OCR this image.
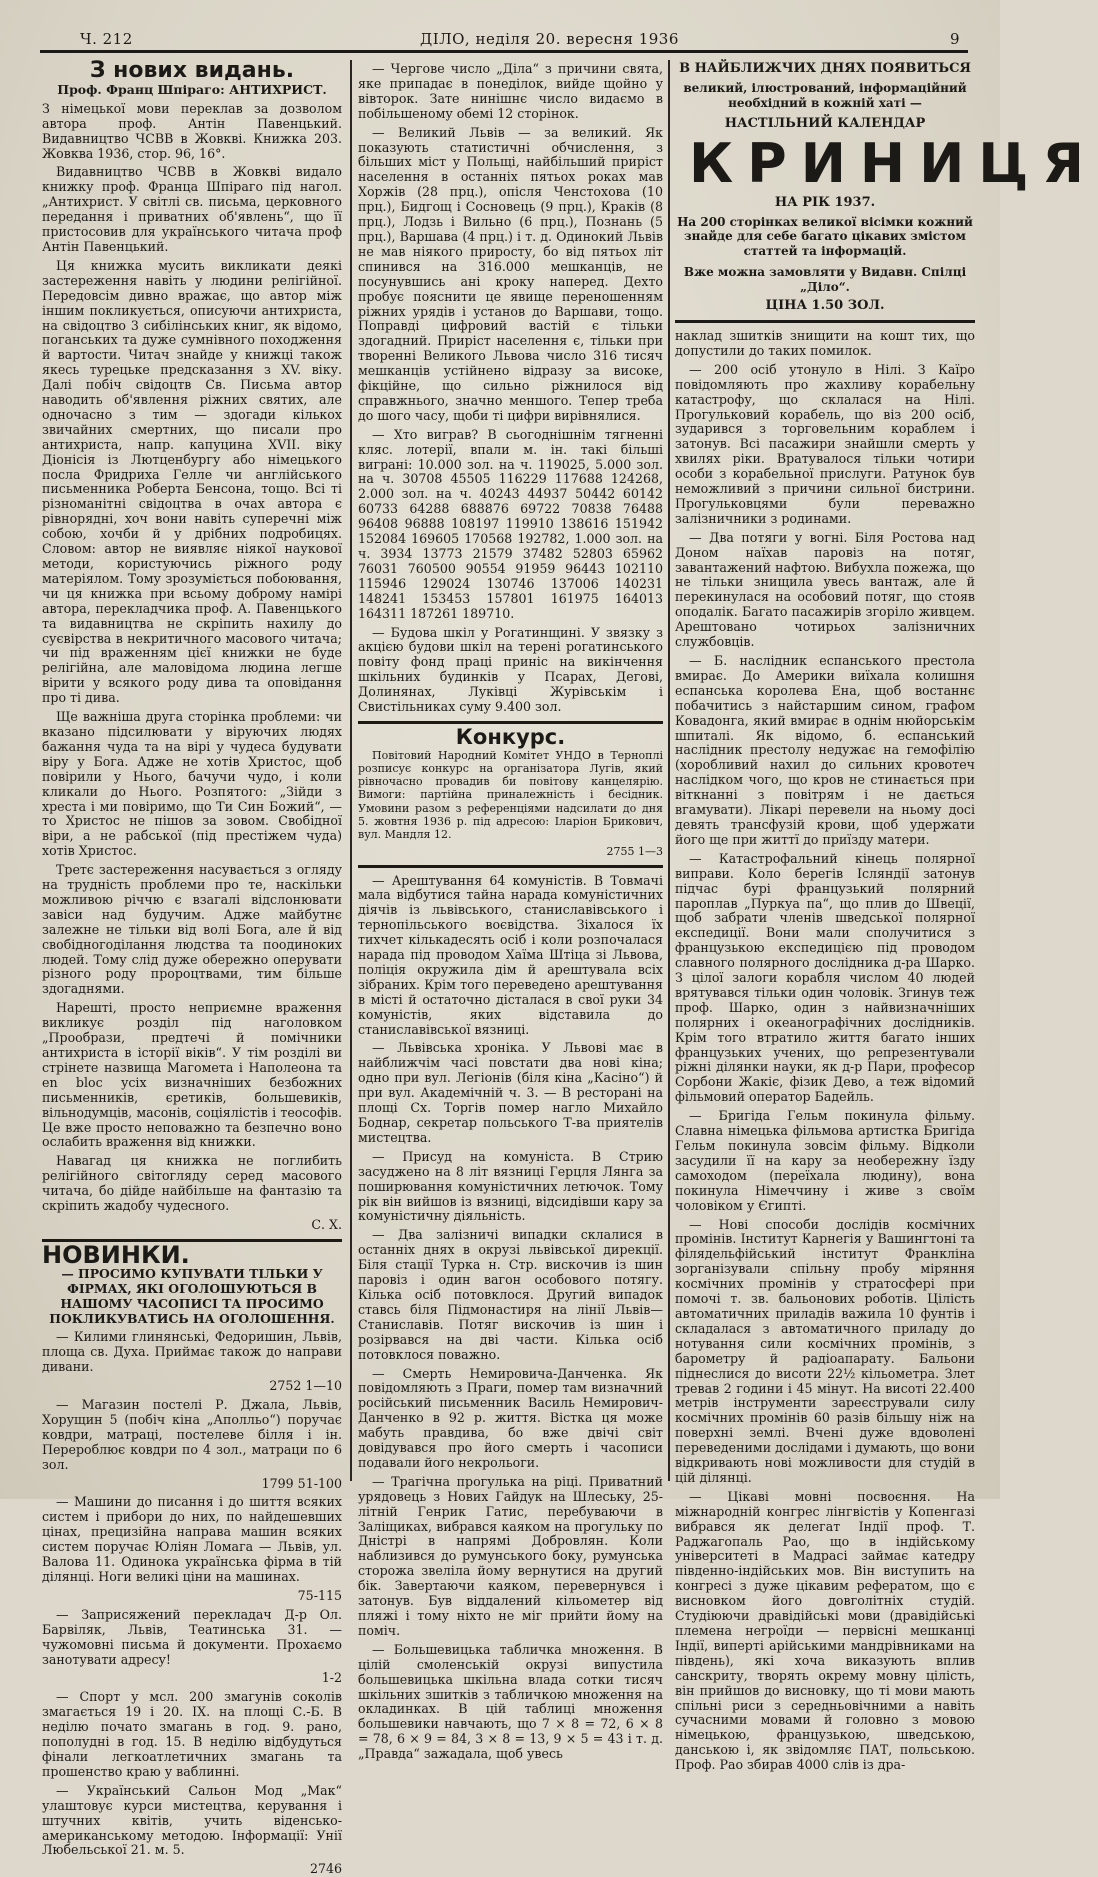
Ч. 212	ДІЛО, неділя 20. вересня 1936	9
З нових видань.

Проф. Франц Шпіраго: АНТИХРИСТ.

З німецької мови переклав за дозволом автора проф. Антін Павенцький. Видавництво ЧСВВ в Жовкві. Книжка 203. Жовква 1936, стор. 96, 16°.

Видавництво ЧСВВ в Жовкві видало книжку проф. Франца Шпіраго під нагол. „Антихрист. У світлі св. письма, церковного передання і приватних об'явлень“, що її пристосовив для українського читача проф Антін Павенцький.

Ця книжка мусить викликати деякі застереження навіть у людини релігійної. Передовсім дивно вражає, що автор між іншим покликується, описуючи антихриста, на свідоцтво 3 сибілінських книг, як відомо, поганських та дуже сумнівного походження й вартости. Читач знайде у книжці також якесь турецьке предсказання з XV. віку. Далі побіч свідоцтв Св. Письма автор наводить об'явлення ріжних святих, але одночасно з тим — здогади кількох звичайних смертних, що писали про антихриста, напр. капуцина XVII. віку Діонісія із Лютценбургу або німецького посла Фридриха Гелле чи англійського письменника Роберта Бенсона, тощо. Всі ті різноманітні свідоцтва в очах автора є рівнорядні, хоч вони навіть суперечні між собою, хочби й у дрібних подробицях. Словом: автор не виявляє ніякої наукової методи, користуючись ріжного роду матеріялом. Тому зрозуміється побоювання, чи ця книжка при всьому доброму намірі автора, перекладчика проф. А. Павенцького та видавництва не скріпить нахилу до суєвірства в некритичного масового читача; чи під враженням цієї книжки не буде релігійна, але маловідома людина легше вірити у всякого роду дива та оповідання про ті дива.

Ще важніша друга сторінка проблеми: чи вказано підсилювати у віруючих людях бажання чуда та на вірі у чудеса будувати віру у Бога. Адже не хотів Христос, щоб повірили у Нього, бачучи чудо, і коли кликали до Нього. Розпятого: „Зійди з хреста і ми повіримо, що Ти Син Божий“, — то Христос не пішов за зовом. Свобідної віри, а не рабської (під престіжем чуда) хотів Христос.

Третє застереження насувається з огляду на трудність проблеми про те, наскільки можливою річчю є взагалі відслонювати завіси над будучим. Адже майбутнє залежне не тільки від волі Бога, але й від свобідногоділання людства та поодиноких людей. Тому слід дуже обережно оперувати різного роду пророцтвами, тим більше здогаднями.

Нарешті, просто неприємне враження викликує розділ під наголовком „Прообрази, предтечі й помічники антихриста в історії віків“. У тім розділі ви стрінете назвища Магомета і Наполеона та en bloc усіх визначніших безбожних письменників, єретиків, большевиків, вільнодумців, масонів, соціялістів і теософів. Це вже просто неповажно та безпечно воно ослабить враження від книжки.

Навагад ця книжка не поглибить релігійного світогляду серед масового читача, бо дійде найбільше на фантазію та скріпить жадобу чудесного.

С. Х.

НОВИНКИ.

— ПРОСИМО КУПУВАТИ ТІЛЬКИ У ФІРМАХ, ЯКІ ОГОЛОШУЮТЬСЯ В НАШОМУ ЧАСОПИСІ ТА ПРОСИМО ПОКЛИКУВАТИСЬ НА ОГОЛОШЕННЯ.

— Килими глинянські, Федоришин, Львів, площа св. Духа. Приймає також до направи дивани.

2752 1—10

— Магазин постелі Р. Джала, Львів, Хорущин 5 (побіч кіна „Аполльо“) поручає ковдри, матраці, постелеве білля і ін. Перероблює ковдри по 4 зол., матраци по 6 зол.

1799 51-100

— Машини до писання і до шиття всяких систем і прибори до них, по найдешевших цінах, прецизійна направа машин всяких систем поручає Юліян Ломага — Львів, ул. Валова 11. Одинока українська фірма в тій ділянці. Ноги великі ціни на машинах.

75-115

— Заприсяжений перекладач Д-р Ол. Барвіляк, Львів, Театинська 31. — чужомовні письма й документи. Прохаємо занотувати адресу!

1-2

— Спорт у мсл. 200 змагунів соколів змагається 19 і 20. IX. на площі С.-Б. В неділю почато змагань в год. 9. рано, пополудні в год. 15. В неділю відбудуться фінали легкоатлетичних змагань та прошенство краю у ваблинні.

— Український Сальон Мод „Мак“ улаштовує курси мистецтва, керування і штучних квітів, учить віденсько-американському методою. Інформації: Унії Любельської 21. м. 5.

2746

— Чергове число „Діла“ з причини свята, яке припадає в понеділок, вийде щойно у вівторок. Зате нинішнє число видаємо в побільшеному обемі 12 сторінок.

— Великий Львів — за великий. Як показують статистичні обчислення, з більших міст у Польщі, найбільший приріст населення в останніх пятьох роках мав Хоржів (28 прц.), опісля Ченстохова (10 прц.), Бидгощ і Сосновець (9 прц.), Краків (8 прц.), Лодзь і Вильно (6 прц.), Познань (5 прц.), Варшава (4 прц.) і т. д. Одинокий Львів не мав ніякого приросту, бо від пятьох літ спинився на 316.000 мешканців, не посунувшись ані кроку наперед. Дехто пробує пояснити це явище переношенням ріжних урядів і установ до Варшави, тощо. Поправді цифровий вастій є тільки здогадний. Приріст населення є, тільки при творенні Великого Львова число 316 тисяч мешканців устійнено відразу за високе, фікційне, що сильно ріжнилося від справжнього, значно меншого. Тепер треба до шого часу, щоби ті цифри вирівнялися.

— Хто виграв? В сьогоднішнім тягненні кляс. лотерії, впали м. ін. такі більші виграні: 10.000 зол. на ч. 119025, 5.000 зол. на ч. 30708 45505 116229 117688 124268, 2.000 зол. на ч. 40243 44937 50442 60142 60733 64288 688876 69722 70838 76488 96408 96888 108197 119910 138616 151942 152084 169605 170568 192782, 1.000 зол. на ч. 3934 13773 21579 37482 52803 65962 76031 760500 90554 91959 96443 102110 115946 129024 130746 137006 140231 148241 153453 157801 161975 164013 164311 187261 189710.

— Будова шкіл у Рогатинщині. У звязку з акцією будови шкіл на терені рогатинського повіту фонд праці приніс на викінчення шкільних будинків у Псарах, Дегові, Долинянах, Луківці Журівськім і Свистільниках суму 9.400 зол.

Конкурс.

Повітовий Народний Комітет УНДО в Терноплі розписує конкурс на організатора Лугів, який рівночасно провадив би повітову канцелярію. Вимоги: партійна приналежність і бесідник. Умовини разом з референціями надсилати до дня 5. жовтня 1936 р. під адресою: Іларіон Брикович, вул. Мандля 12.

2755 1—3

— Арештування 64 комуністів. В Товмачі мала відбутися тайна нарада комуністичних діячів із львівського, станиславівського і тернопільського воєвідства. Зіхалося їх тихчет кількадесять осіб і коли розпочалася нарада під проводом Хаїма Штіца зі Львова, поліція окружила дім й арештувала всіх зібраних. Крім того переведено арештування в місті й остаточно дісталася в свої руки 34 комуністів, яких відставила до станиславівської вязниці.

— Львівська хроніка. У Львові має в найближчім часі повстати два нові кіна; одно при вул. Легіонів (біля кіна „Касіно“) й при вул. Академічній ч. 3. — В ресторані на площі Сх. Торгів помер нагло Михайло Боднар, секретар польського Т-ва приятелів мистецтва.

— Присуд на комуніста. В Стрию засуджено на 8 літ вязниці Герцля Лянга за поширювання комуністичних летючок. Тому рік він вийшов із вязниці, відсидівши кару за комуністичну діяльність.

— Два залізничі випадки склалися в останніх днях в окрузі львівської дирекції. Біля стації Турка н. Стр. вискочив із шин паровіз і один вагон особового потягу. Кілька осіб потовклося. Другий випадок ставсь біля Підмонастиря на лінії Львів—Станиславів. Потяг вискочив із шин і розірвався на дві части. Кілька осіб потовклося поважно.

— Смерть Немировича-Данченка. Як повідомляють з Праги, помер там визначний російський письменник Василь Немирович-Данченко в 92 р. життя. Вістка ця може мабуть правдива, бо вже двічі світ довідувався про його смерть і часописи подавали його некрольоги.

— Трагічна прогулька на ріці. Приватний урядовець з Нових Гайдук на Шлеську, 25-літній Генрик Гатис, перебуваючи в Заліщиках, вибрався каяком на прогульку по Дністрі в напрямі Добровлян. Коли наблизився до румунського боку, румунська сторожа звеліла йому вернутися на другий бік. Завертаючи каяком, перевернувся і затонув. Був віддалений кільометер від пляжі і тому ніхто не міг прийти йому на поміч.

— Большевицька табличка множення. В цілій смоленській окрузі випустила большевицька шкільна влада сотки тисяч шкільних зшитків з табличкою множення на окладинках. В цій таблиці множення большевики навчають, що 7 × 8 = 72, 6 × 8 = 78, 6 × 9 = 84, 3 × 8 = 13, 9 × 5 = 43 і т. д. „Правда“ зажадала, щоб увесь

В НАЙБЛИЖЧИХ ДНЯХ ПОЯВИТЬСЯ

великий, ілюстрований, інформаційний необхідний в кожній хаті —

НАСТІЛЬНИЙ КАЛЕНДАР

КРИНИЦЯ

НА РІК 1937.

На 200 сторінках великої вісімки кожний знайде для себе багато цікавих змістом статтей та інформацій.

Вже можна замовляти у Видавн. Спілці „Діло“.

ЦІНА 1.50 ЗОЛ.

наклад зшитків знищити на кошт тих, що допустили до таких помилок.

— 200 осіб утонуло в Нілі. З Каїро повідомляють про жахливу корабельну катастрофу, що склалася на Нілі. Прогульковий корабель, що віз 200 осіб, зударився з торговельним кораблем і затонув. Всі пасажири знайшли смерть у хвилях ріки. Вратувалося тільки чотири особи з корабельної прислуги. Ратунок був неможливий з причини сильної бистрини. Прогульковцями були переважно залізничники з родинами.

— Два потяги у вогні. Біля Ростова над Доном наїхав паровіз на потяг, завантажений нафтою. Вибухла пожежа, що не тільки знищила увесь вантаж, але й перекинулася на особовий потяг, що стояв оподалік. Багато пасажирів згоріло живцем. Арештовано чотирьох залізничних службовців.

— Б. наслідник еспанського престола вмирає. До Америки виїхала колишня еспанська королева Ена, щоб востаннє побачитись з найстаршим сином, графом Ковадонга, який вмирає в однім нюйорськім шпиталі. Як відомо, б. еспанський наслідник престолу недужає на гемофілію (хоробливий нахил до сильних кровотеч наслідком чого, що кров не стинається при віткнанні з повітрям і не дається вгамувати). Лікарі перевели на ньому досі девять трансфузій крови, щоб удержати його ще при життї до приїзду матери.

— Катастрофальний кінець полярної виправи. Коло берегів Ісляндії затонув підчас бурі французький полярний пароплав „Пуркуа па“, що плив до Швеції, щоб забрати членів шведської полярної експедиції. Вони мали сполучитися з французькою експедицією під проводом славного полярного дослідника д-ра Шарко. З цілої залоги корабля числом 40 людей врятувався тільки один чоловік. Згинув теж проф. Шарко, один з найвизначніших полярних і океанографічних дослідників. Крім того втратило життя багато інших французьких учених, що репрезентували ріжні ділянки науки, як д-р Пари, професор Сорбони Жакіє, фізик Дево, а теж відомий фільмовий оператор Бадейль.

— Бригіда Гельм покинула фільму. Славна німецька фільмова артистка Бригіда Гельм покинула зовсім фільму. Відколи засудили її на кару за необережну їзду самоходом (переїхала людину), вона покинула Німеччину і живе з своїм чоловіком у Єгипті.

— Нові способи дослідів космічних промінів. Інститут Карнегія у Вашингтоні та філядельфійський інститут Франкліна зорганізували спільну пробу міряння космічних промінів у стратосфері при помочі т. зв. бальонових роботів. Цілість автоматичних приладів важила 10 фунтів і складалася з автоматичного приладу до нотування сили космічних промінів, з барометру й радіоапарату. Бальони піднеслися до висоти 22½ кільометра. Злет тревав 2 години і 45 мінут. На висоті 22.400 метрів інструменти зареєстрували силу космічних промінів 60 разів більшу ніж на поверхні землі. Вчені дуже вдоволені переведеними дослідами і думають, що вони відкривають нові можливости для студій в цій ділянці.

— Цікаві мовні посвоєння. На міжнародній конгрес лінгвістів у Копенгазі вибрався як делегат Індії проф. Т. Раджагопаль Рао, що в індійському університеті в Мадрасі займає катедру південно-індійських мов. Він виступить на конгресі з дуже цікавим рефератом, що є висновком його довголітніх студій. Студіюючи дравідійські мови (дравідійські племена негроїди — первісні мешканці Індії, виперті арійськими мандрівниками на південь), які хоча виказують вплив санскриту, творять окрему мовну цілість, він прийшов до висновку, що ті мови мають спільні риси з середньовічними а навіть сучасними мовами й головно з мовою німецькою, французькою, шведською, данською і, як звідомляє ПАТ, польською. Проф. Рао збирав 4000 слів із дра-
